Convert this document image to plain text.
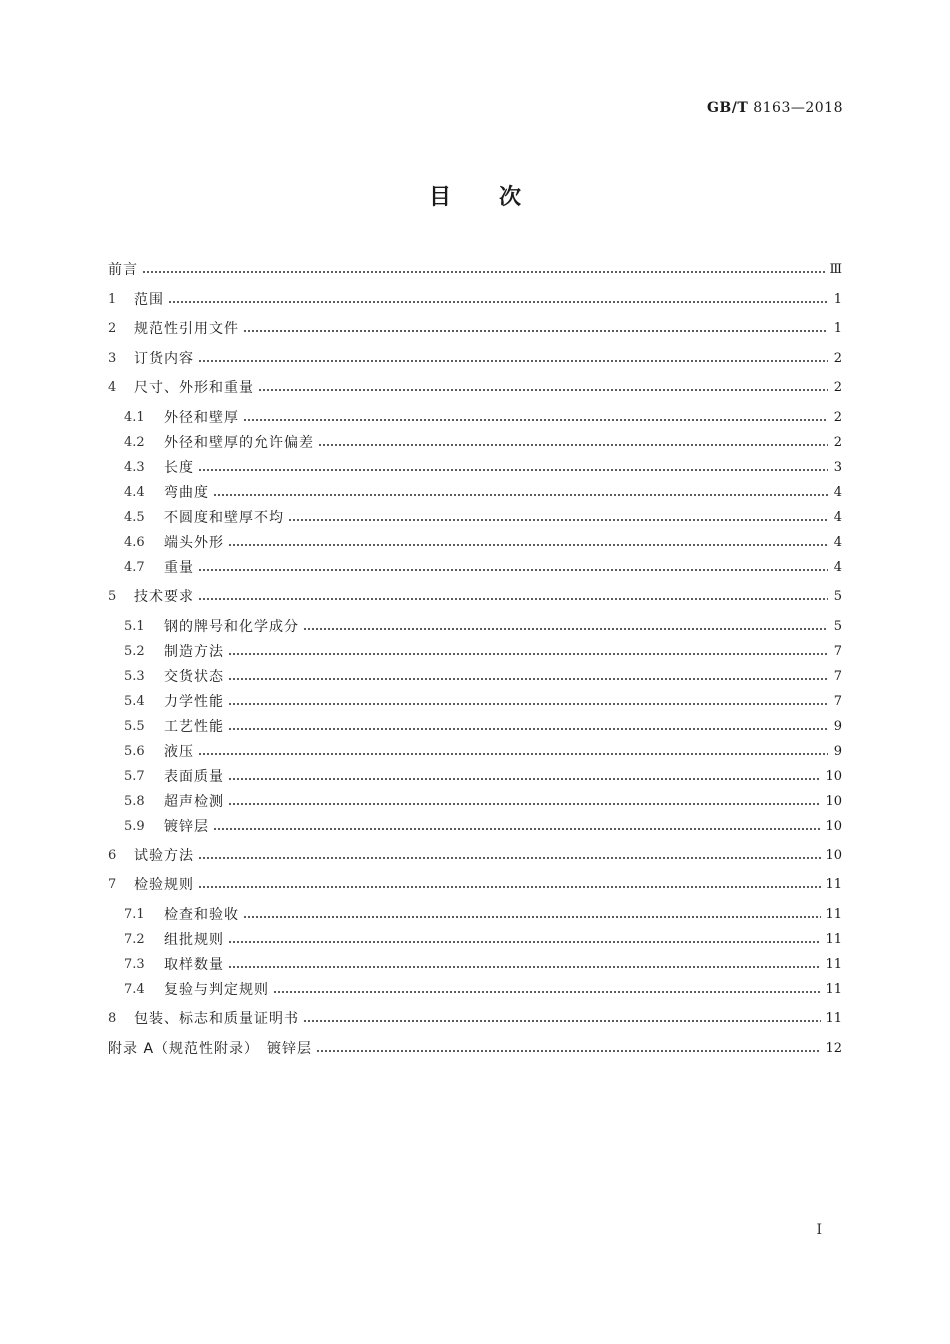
GB/T 8163—2018
目次
前言	Ⅲ
1	范围	1
2	规范性引用文件	1
3	订货内容	2
4	尺寸、外形和重量	2
4.1	外径和壁厚	2
4.2	外径和壁厚的允许偏差	2
4.3	长度	3
4.4	弯曲度	4
4.5	不圆度和壁厚不均	4
4.6	端头外形	4
4.7	重量	4
5	技术要求	5
5.1	钢的牌号和化学成分	5
5.2	制造方法	7
5.3	交货状态	7
5.4	力学性能	7
5.5	工艺性能	9
5.6	液压	9
5.7	表面质量	10
5.8	超声检测	10
5.9	镀锌层	10
6	试验方法	10
7	检验规则	11
7.1	检查和验收	11
7.2	组批规则	11
7.3	取样数量	11
7.4	复验与判定规则	11
8	包装、标志和质量证明书	11
附录 A（规范性附录）　镀锌层	12
I
